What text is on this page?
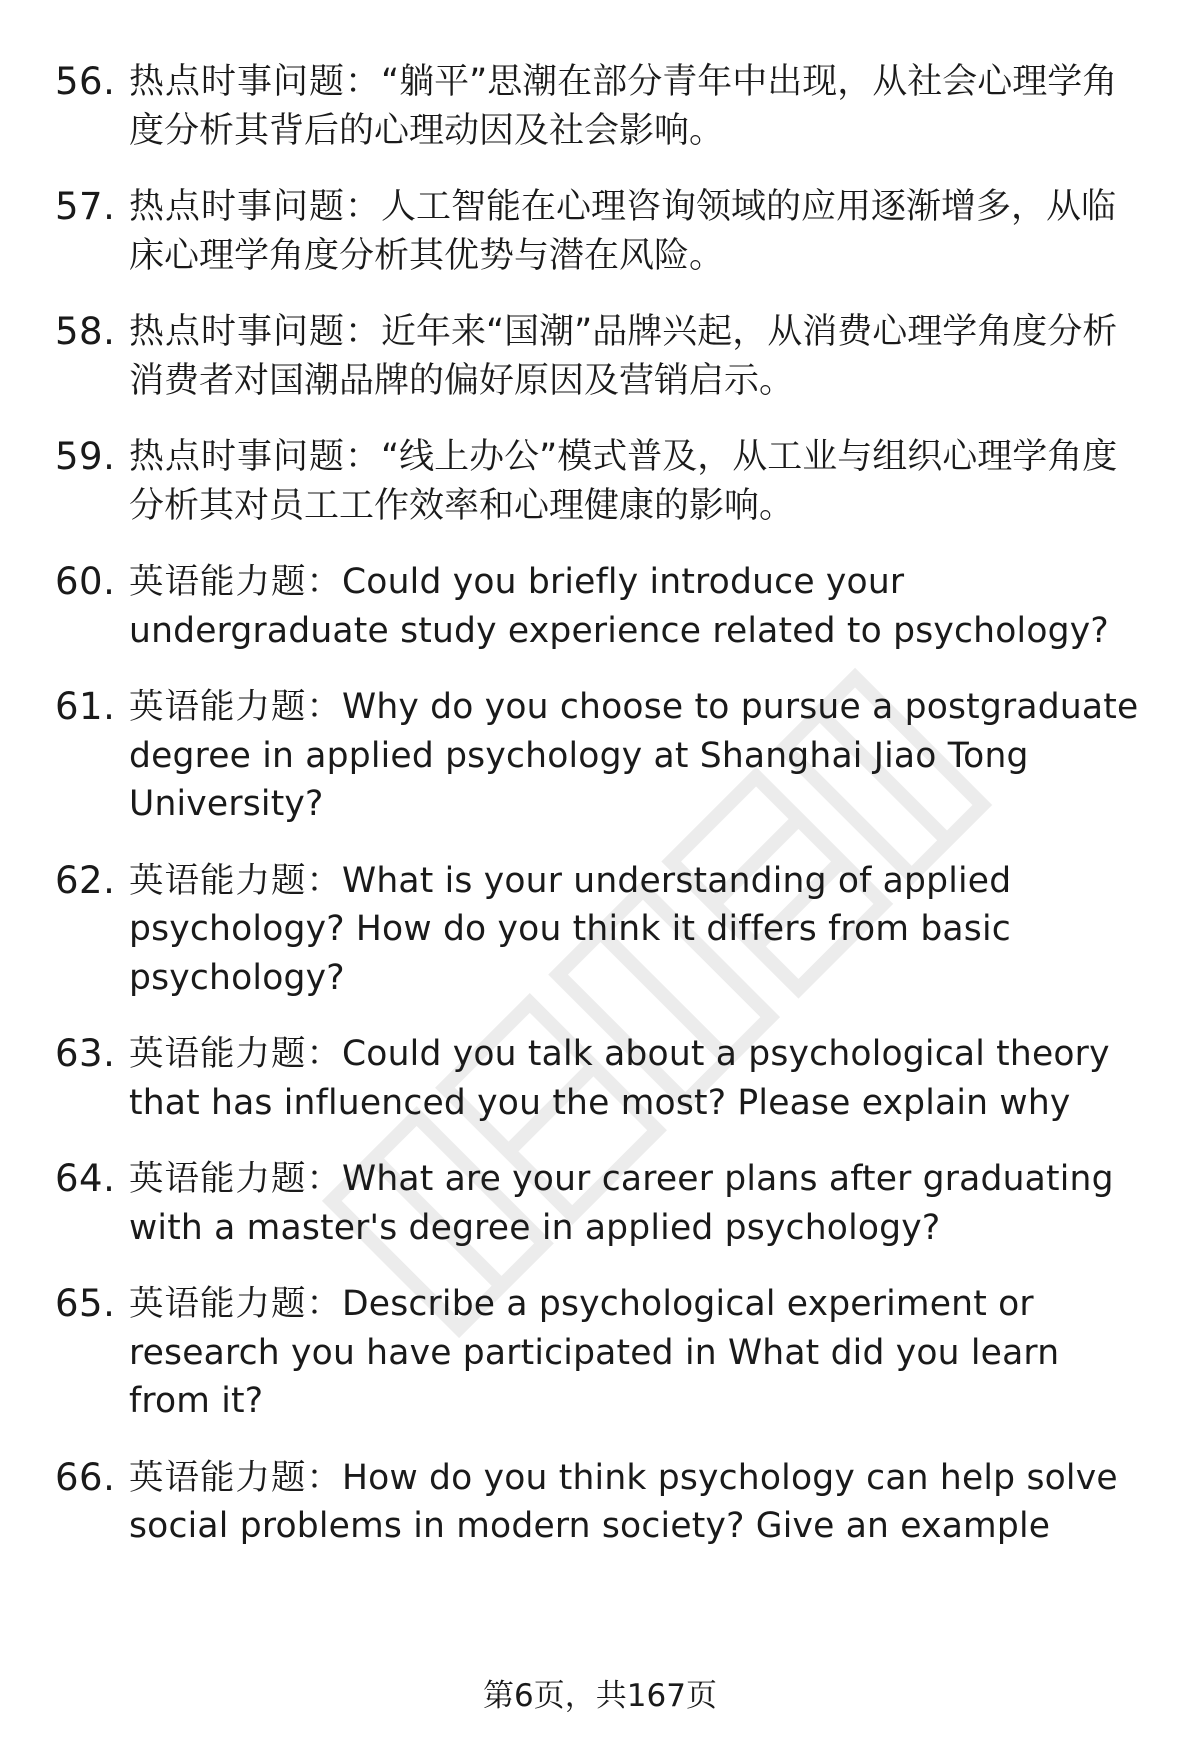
56. 热点时事问题：“躺平”思潮在部分青年中出现，从社会心理学角度分析其背后的心理动因及社会影响。
57. 热点时事问题：人工智能在心理咨询领域的应用逐渐增多，从临床心理学角度分析其优势与潜在风险。
58. 热点时事问题：近年来“国潮”品牌兴起，从消费心理学角度分析消费者对国潮品牌的偏好原因及营销启示。
59. 热点时事问题：“线上办公”模式普及，从工业与组织心理学角度分析其对员工工作效率和心理健康的影响。
60. 英语能力题：Could you briefly introduce your undergraduate study experience related to psychology?
61. 英语能力题：Why do you choose to pursue a postgraduate degree in applied psychology at Shanghai Jiao Tong University?
62. 英语能力题：What is your understanding of applied psychology? How do you think it differs from basic psychology?
63. 英语能力题：Could you talk about a psychological theory that has influenced you the most? Please explain why
64. 英语能力题：What are your career plans after graduating with a master's degree in applied psychology?
65. 英语能力题：Describe a psychological experiment or research you have participated in What did you learn from it?
66. 英语能力题：How do you think psychology can help solve social problems in modern society? Give an example
第6页，共167页
